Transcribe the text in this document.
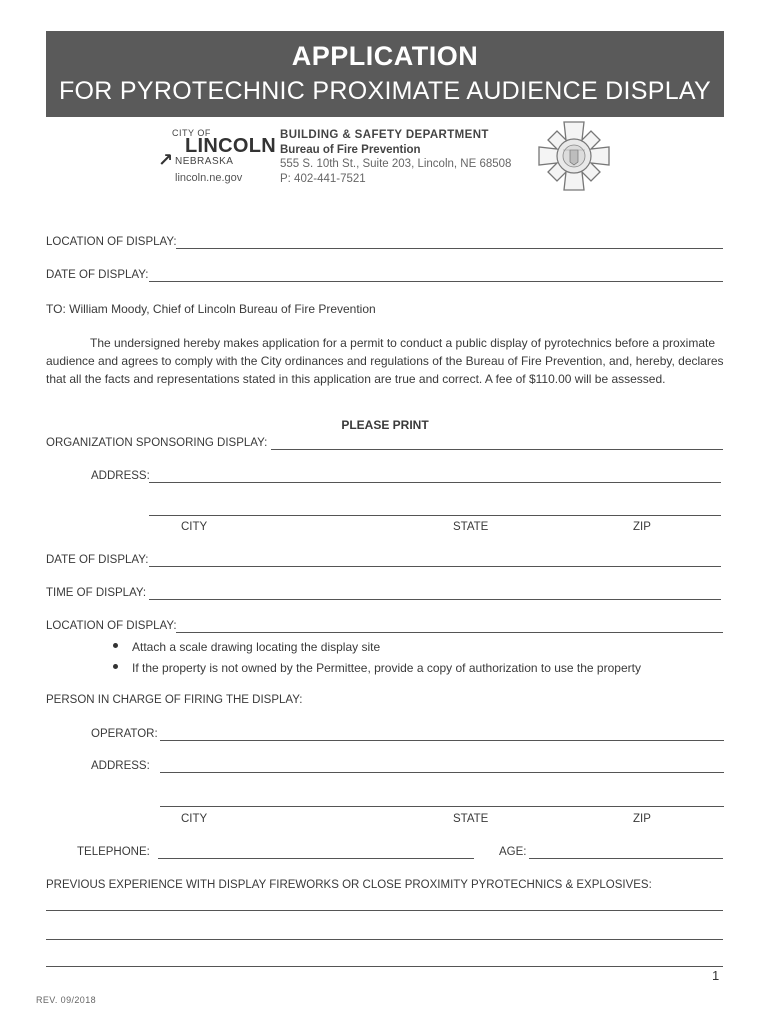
APPLICATION
FOR PYROTECHNIC PROXIMATE AUDIENCE DISPLAY
CITY OF
LINCOLN
↗ NEBRASKA
lincoln.ne.gov
BUILDING & SAFETY DEPARTMENT
Bureau of Fire Prevention
555 S. 10th St., Suite 203, Lincoln, NE 68508
P: 402-441-7521
LOCATION OF DISPLAY:
DATE OF DISPLAY:
TO: William Moody, Chief of Lincoln Bureau of Fire Prevention
The undersigned hereby makes application for a permit to conduct a public display of pyrotechnics before a proximate audience and agrees to comply with the City ordinances and regulations of the Bureau of Fire Prevention, and, hereby, declares that all the facts and representations stated in this application are true and correct. A fee of $110.00 will be assessed.
PLEASE PRINT
ORGANIZATION SPONSORING DISPLAY:
ADDRESS:
CITY	STATE	ZIP
DATE OF DISPLAY:
TIME OF DISPLAY:
LOCATION OF DISPLAY:
Attach a scale drawing locating the display site
If the property is not owned by the Permittee, provide a copy of authorization to use the property
PERSON IN CHARGE OF FIRING THE DISPLAY:
OPERATOR:
ADDRESS:
CITY	STATE	ZIP
TELEPHONE:	AGE:
PREVIOUS EXPERIENCE WITH DISPLAY FIREWORKS OR CLOSE PROXIMITY PYROTECHNICS & EXPLOSIVES:
1
REV. 09/2018
